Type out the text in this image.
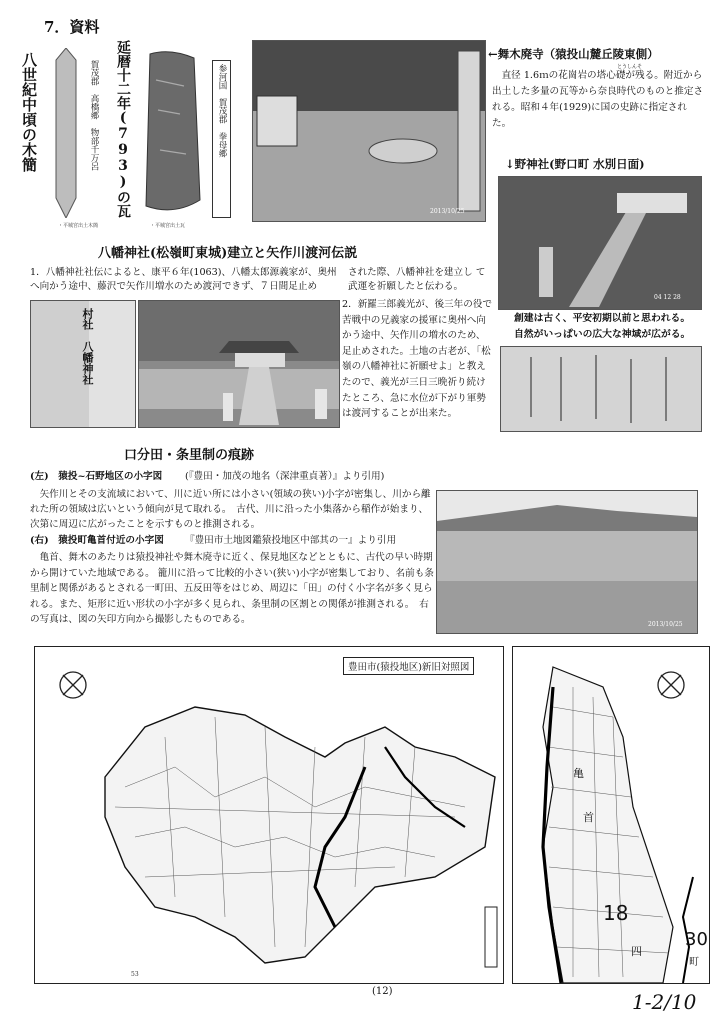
7．資料
八世紀中頃の木簡	賀茂郡　高橋郷　物部千万呂
・平城宮出土木簡
延暦十二年(793)の瓦
・平城宮出土瓦
参河国　賀茂郡　拳母郷
2013/10/25
←舞木廃寺（猿投山麓丘陵東側）
とうしんそ
直径 1.6ｍの花崗岩の塔心礎が残る。附近から出土した多量の瓦等から奈良時代のものと推定される。昭和４年(1929)に国の史跡に指定された。
↓野神社(野口町 水別日面)
04 12 28
創建は古く、平安初期以前と思われる。
自然がいっぱいの広大な神域が広がる。
八幡神社(松嶺町東城)建立と矢作川渡河伝説
1．八幡神社社伝によると、康平６年(1063)、八幡太郎源義家が、奥州へ向かう途中、藤沢で矢作川増水のため渡河できず、７日間足止め
された際、八幡神社を建立し て武運を祈願したと伝わる。
2．新羅三郎義光が、後三年の役で苦戦中の兄義家の援軍に奥州へ向かう途中、矢作川の増水のため、足止めされた。土地の古老が、「松嶺の八幡神社に祈願せよ」と教えたので、義光が三日三晩祈り続けたところ、急に水位が下がり軍勢は渡河することが出来た。
村社　八幡神社
口分田・条里制の痕跡
(左)　猿投~石野地区の小字図 (『豊田・加茂の地名（深津重貞著）』より引用)
矢作川とその支流域において、川に近い所には小さい(領域の狭い)小字が密集し、川から離れた所の領域は広いという傾向が見て取れる。　古代、川に沿った小集落から稲作が始まり、次第に周辺に広がったことを示すものと推測される。
(右)　猿投町亀首付近の小字図 『豊田市土地図鑑猿投地区中部其の一』より引用
亀首、舞木のあたりは猿投神社や舞木廃寺に近く、保見地区などとともに、古代の早い時期から開けていた地域である。 籠川に沿って比較的小さい(狭い)小字が密集しており、名前も条里制と関係があるとされる一町田、五反田等をはじめ、周辺に「田」の付く小字名が多く見られる。また、矩形に近い形状の小字が多く見られ、条里制の区割との関係が推測される。　右の写真は、図の矢印方向から撮影したものである。	2013/10/25
豊田市(猿投地区)新旧対照図
53
亀
首
18
四
30
町
(12)	1-2/10
